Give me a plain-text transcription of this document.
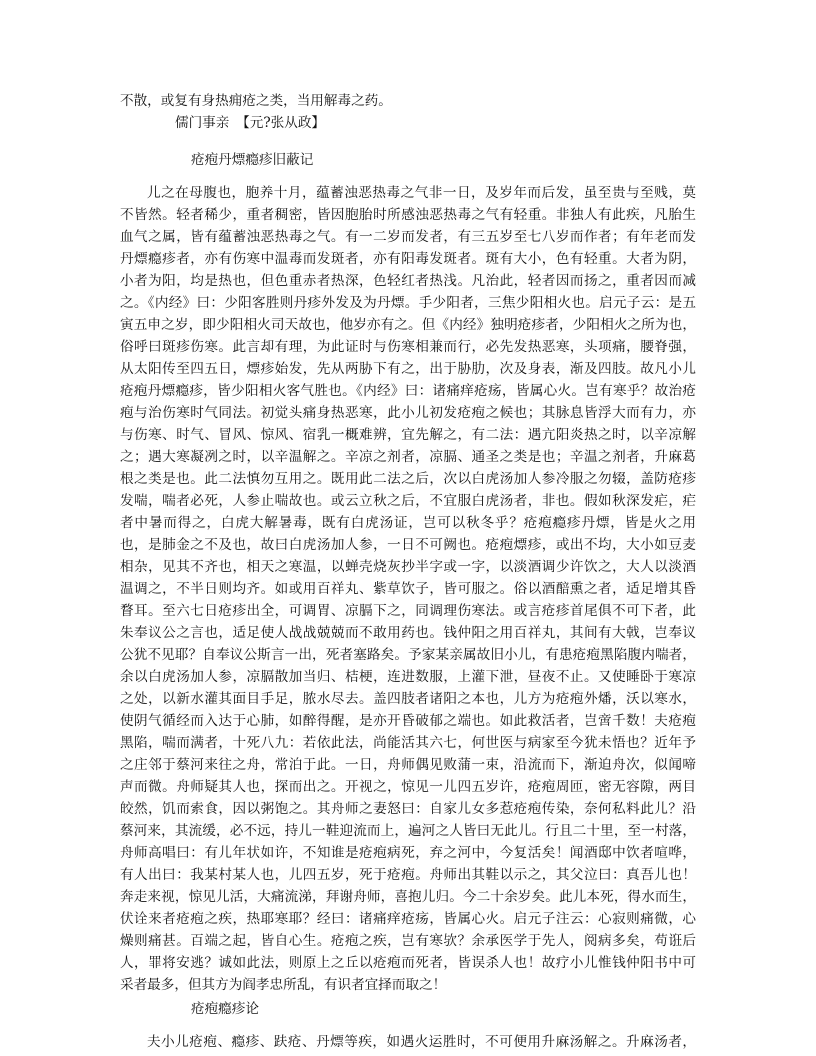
不散，或复有身热痈疮之类，当用解毒之药。
儒门事亲　【元?张从政】
疮疱丹熛瘾疹旧蔽记
儿之在母腹也，胞养十月，蕴蓄浊恶热毒之气非一日，及岁年而后发，虽至贵与至贱，莫
不皆然。轻者稀少，重者稠密，皆因胞胎时所感浊恶热毒之气有轻重。非独人有此疾，凡胎生
血气之属，皆有蕴蓄浊恶热毒之气。有一二岁而发者，有三五岁至七八岁而作者；有年老而发
丹熛瘾疹者，亦有伤寒中温毒而发斑者，亦有阳毒发斑者。斑有大小，色有轻重。大者为阴，
小者为阳，均是热也，但色重赤者热深，色轻红者热浅。凡治此，轻者因而扬之，重者因而减
之。《内经》曰：少阳客胜则丹疹外发及为丹熛。手少阳者，三焦少阳相火也。启元子云：是五
寅五申之岁，即少阳相火司天故也，他岁亦有之。但《内经》独明疮疹者，少阳相火之所为也，
俗呼曰斑疹伤寒。此言却有理，为此证时与伤寒相兼而行，必先发热恶寒，头项痛，腰脊强，
从太阳传至四五日，熛疹始发，先从两胁下有之，出于胁肋，次及身表，渐及四肢。故凡小儿
疮疱丹熛瘾疹，皆少阳相火客气胜也。《内经》曰：诸痛痒疮疡，皆属心火。岂有寒乎？故治疮
疱与治伤寒时气同法。初觉头痛身热恶寒，此小儿初发疮疱之候也；其脉息皆浮大而有力，亦
与伤寒、时气、冒风、惊风、宿乳一概难辨，宜先解之，有二法：遇亢阳炎热之时，以辛凉解
之；遇大寒凝冽之时，以辛温解之。辛凉之剂者，凉膈、通圣之类是也；辛温之剂者，升麻葛
根之类是也。此二法慎勿互用之。既用此二法之后，次以白虎汤加人参冷服之勿辍，盖防疮疹
发喘，喘者必死，人参止喘故也。或云立秋之后，不宜服白虎汤者，非也。假如秋深发疟，疟
者中暑而得之，白虎大解暑毒，既有白虎汤证，岂可以秋冬乎？疮疱瘾疹丹熛，皆是火之用
也，是肺金之不及也，故曰白虎汤加人参，一日不可阙也。疮疱熛疹，或出不均，大小如豆麦
相杂，见其不齐也，相天之寒温，以蝉壳烧灰抄半字或一字，以淡酒调少许饮之，大人以淡酒
温调之，不半日则均齐。如或用百祥丸、紫草饮子，皆可服之。俗以酒醅熏之者，适足增其昏
瞀耳。至六七日疮疹出全，可调胃、凉膈下之，同调理伤寒法。或言疮疹首尾俱不可下者，此
朱奉议公之言也，适足使人战战兢兢而不敢用药也。钱仲阳之用百祥丸，其间有大戟，岂奉议
公犹不见耶？自奉议公斯言一出，死者塞路矣。予家某亲属故旧小儿，有患疮疱黑陷腹内喘者，
余以白虎汤加人参，凉膈散加当归、桔梗，连进数服，上灌下泄，昼夜不止。又使睡卧于寒凉
之处，以新水灌其面目手足，脓水尽去。盖四肢者诸阳之本也，儿方为疮疱外燔，沃以寒水，
使阴气循经而入达于心肺，如醉得醒，是亦开昏破郁之端也。如此救活者，岂啻千数！夫疮疱
黑陷，喘而满者，十死八九：若依此法，尚能活其六七，何世医与病家至今犹未悟也？近年予
之庄邻于蔡河来往之舟，常泊于此。一日，舟师偶见败蒲一束，沿流而下，渐迫舟次，似闻啼
声而微。舟师疑其人也，探而出之。开视之，惊见一儿四五岁许，疮疱周匝，密无容隙，两目
皎然，饥而索食，因以粥饱之。其舟师之妻怒曰：自家儿女多惹疮疱传染，奈何私料此儿？沿
蔡河来，其流缓，必不远，持儿一鞋迎流而上，遍河之人皆曰无此儿。行且二十里，至一村落，
舟师高唱曰：有儿年状如许，不知谁是疮疱病死，弃之河中，今复活矣！闻酒邸中饮者喧哗，
有人出曰：我某村某人也，儿四五岁，死于疮疱。舟师出其鞋以示之，其父泣曰：真吾儿也！
奔走来视，惊见儿活，大痛流涕，拜谢舟师，喜抱儿归。今二十余岁矣。此儿本死，得水而生，
伏诠来者疮疱之疾，热耶寒耶？经曰：诸痛痒疮疡，皆属心火。启元子注云：心寂则痛微，心
燥则痛甚。百端之起，皆自心生。疮疱之疾，岂有寒欤？余承医学于先人，阅病多矣，苟诳后
人，罪将安逃？诚如此法，则原上之丘以疮疱而死者，皆误杀人也！故疗小儿惟钱仲阳书中可
采者最多，但其方为阎孝忠所乱，有识者宜择而取之！
疮疱瘾疹论
夫小儿疮疱、瘾疹、趺疮、丹熛等疾，如遇火运胜时，不可便用升麻汤解之。升麻汤者，
